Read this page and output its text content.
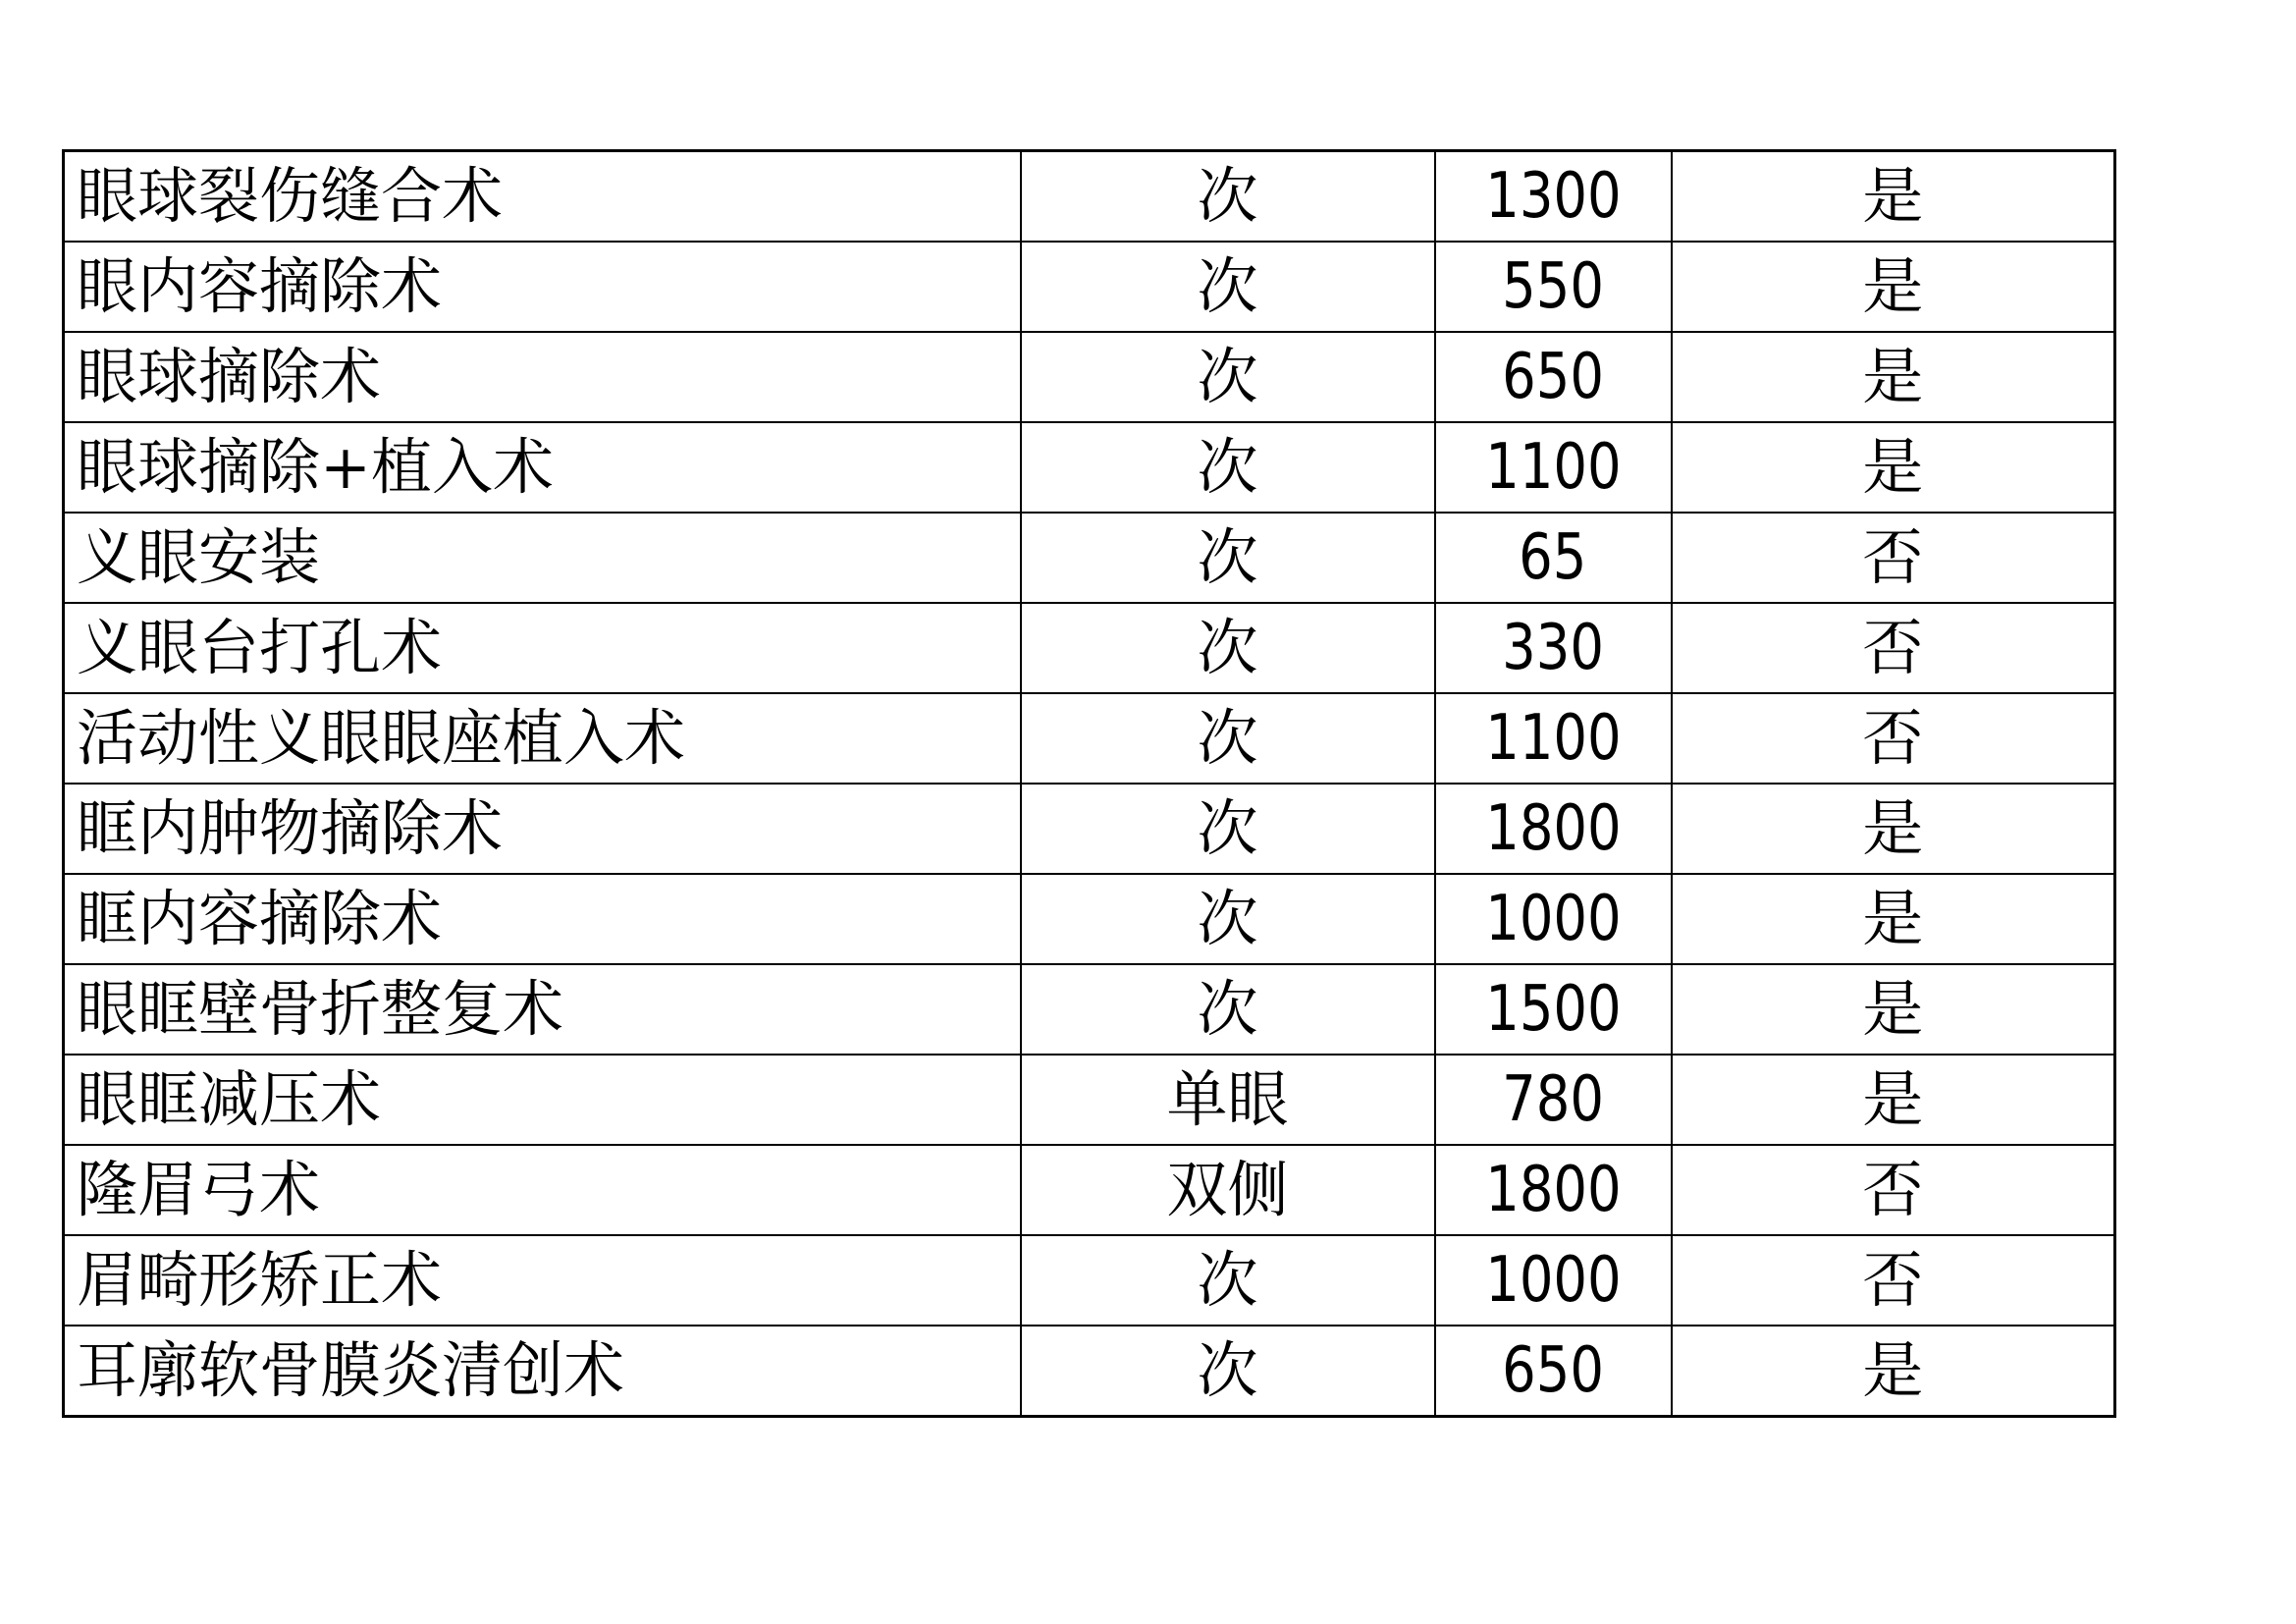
眼球裂伤缝合术	次	1300	是
眼内容摘除术	次	550	是
眼球摘除术	次	650	是
眼球摘除+植入术	次	1100	是
义眼安装	次	65	否
义眼台打孔术	次	330	否
活动性义眼眼座植入术	次	1100	否
眶内肿物摘除术	次	1800	是
眶内容摘除术	次	1000	是
眼眶壁骨折整复术	次	1500	是
眼眶减压术	单眼	780	是
隆眉弓术	双侧	1800	否
眉畸形矫正术	次	1000	否
耳廓软骨膜炎清创术	次	650	是
